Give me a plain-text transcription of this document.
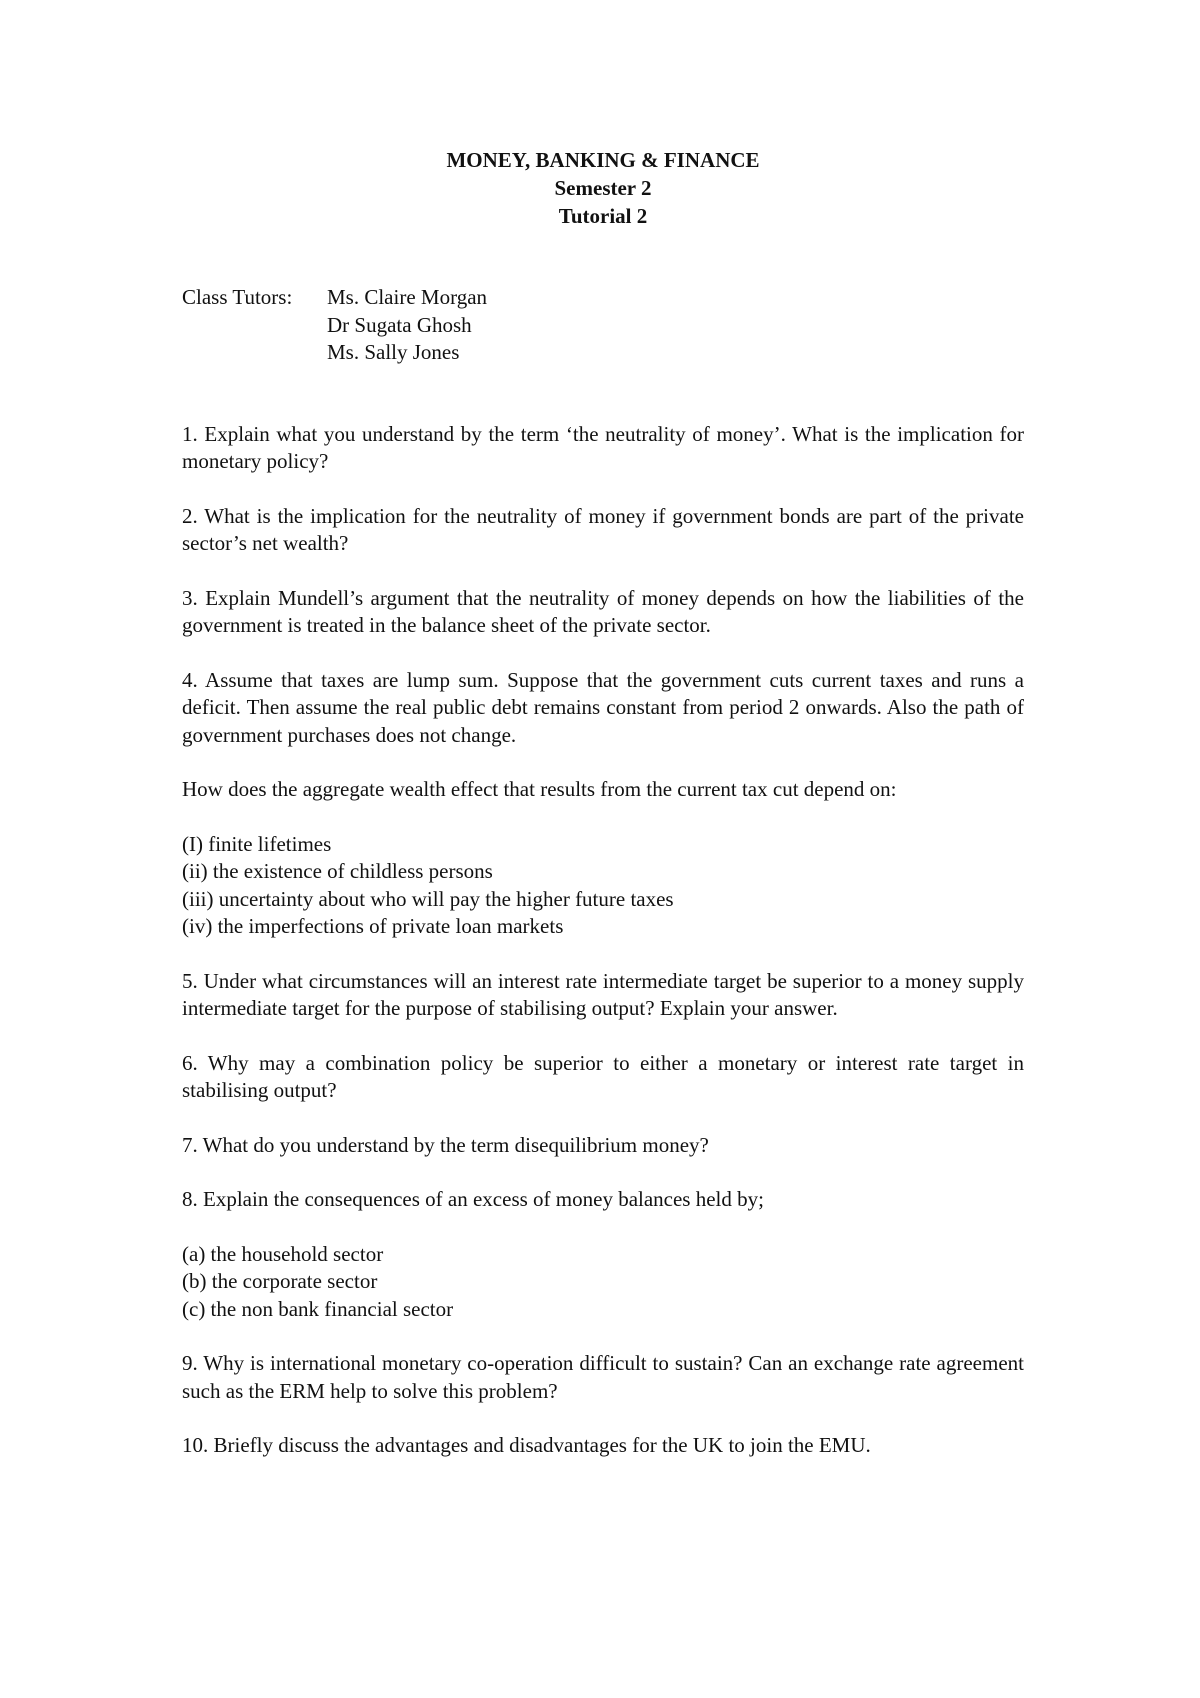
MONEY, BANKING & FINANCE
Semester 2
Tutorial 2
Class Tutors:	Ms. Claire Morgan
Dr Sugata Ghosh
Ms. Sally Jones

1. Explain what you understand by the term ‘the neutrality of money’. What is the implication for monetary policy?

2. What is the implication for the neutrality of money if government bonds are part of the private sector’s net wealth?

3. Explain Mundell’s argument that the neutrality of money depends on how the liabilities of the government is treated in the balance sheet of the private sector.

4. Assume that taxes are lump sum. Suppose that the government cuts current taxes and runs a deficit. Then assume the real public debt remains constant from period 2 onwards. Also the path of government purchases does not change.

How does the aggregate wealth effect that results from the current tax cut depend on:

(I) finite lifetimes
(ii) the existence of childless persons
(iii) uncertainty about who will pay the higher future taxes
(iv) the imperfections of private loan markets

5. Under what circumstances will an interest rate intermediate target be superior to a money supply intermediate target for the purpose of stabilising output? Explain your answer.

6. Why may a combination policy be superior to either a monetary or interest rate target in stabilising output?

7. What do you understand by the term disequilibrium money?

8. Explain the consequences of an excess of money balances held by;

(a) the household sector
(b) the corporate sector
(c) the non bank financial sector

9. Why is international monetary co-operation difficult to sustain? Can an exchange rate agreement such as the ERM help to solve this problem?

10. Briefly discuss the advantages and disadvantages for the UK to join the EMU.
